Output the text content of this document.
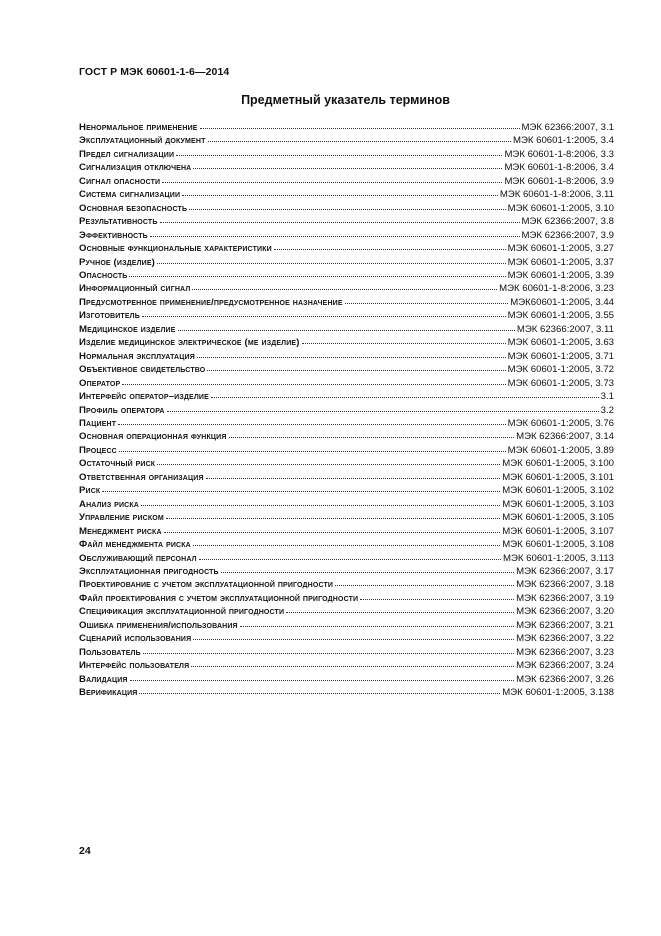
ГОСТ Р МЭК 60601-1-6—2014
Предметный указатель терминов
Ненормальное применение	МЭК 62366:2007, 3.1
Эксплуатационный документ	МЭК 60601-1:2005, 3.4
Предел сигнализации	МЭК 60601-1-8:2006, 3.3
Сигнализация отключена	МЭК 60601-1-8:2006, 3.4
Сигнал опасности	МЭК 60601-1-8:2006, 3.9
Система сигнализации	МЭК 60601-1-8:2006, 3.11
Основная безопасность	МЭК 60601-1:2005, 3.10
Результативность	МЭК 62366:2007, 3.8
Эффективность	МЭК 62366:2007, 3.9
Основные функциональные характеристики	МЭК 60601-1:2005, 3.27
Ручное (изделие)	МЭК 60601-1:2005, 3.37
Опасность	МЭК 60601-1:2005, 3.39
Информационный сигнал	МЭК 60601-1-8:2006, 3.23
Предусмотренное применение/предусмотренное назначение	МЭК60601-1:2005, 3.44
Изготовитель	МЭК 60601-1:2005, 3.55
Медицинское изделие	МЭК 62366:2007, 3.11
Изделие медицинское электрическое (ме изделие)	МЭК 60601-1:2005, 3.63
Нормальная эксплуатация	МЭК 60601-1:2005, 3.71
Объективное свидетельство	МЭК 60601-1:2005, 3.72
Оператор	МЭК 60601-1:2005, 3.73
Интерфейс оператор–изделие	3.1
Профиль оператора	3.2
Пациент	МЭК 60601-1:2005, 3.76
Основная операционная функция	МЭК 62366:2007, 3.14
Процесс	МЭК 60601-1:2005, 3.89
Остаточный риск	МЭК 60601-1:2005, 3.100
Ответственная организация	МЭК 60601-1:2005, 3.101
Риск	МЭК 60601-1:2005, 3.102
Анализ риска	МЭК 60601-1:2005, 3.103
Управление риском	МЭК 60601-1:2005, 3.105
Менеджмент риска	МЭК 60601-1:2005, 3.107
Файл менеджмента риска	МЭК 60601-1:2005, 3.108
Обслуживающий персонал	МЭК 60601-1:2005, 3.113
Эксплуатационная пригодность	МЭК 62366:2007, 3.17
Проектирование с учетом эксплуатационной пригодности	МЭК 62366:2007, 3.18
Файл проектирования с учетом эксплуатационной пригодности	МЭК 62366:2007, 3.19
Спецификация эксплуатационной пригодности	МЭК 62366:2007, 3.20
Ошибка применения/использования	МЭК 62366:2007, 3.21
Сценарий использования	МЭК 62366:2007, 3.22
Пользователь	МЭК 62366:2007, 3.23
Интерфейс пользователя	МЭК 62366:2007, 3.24
Валидация	МЭК 62366:2007, 3.26
Верификация	МЭК 60601-1:2005, 3.138
24
